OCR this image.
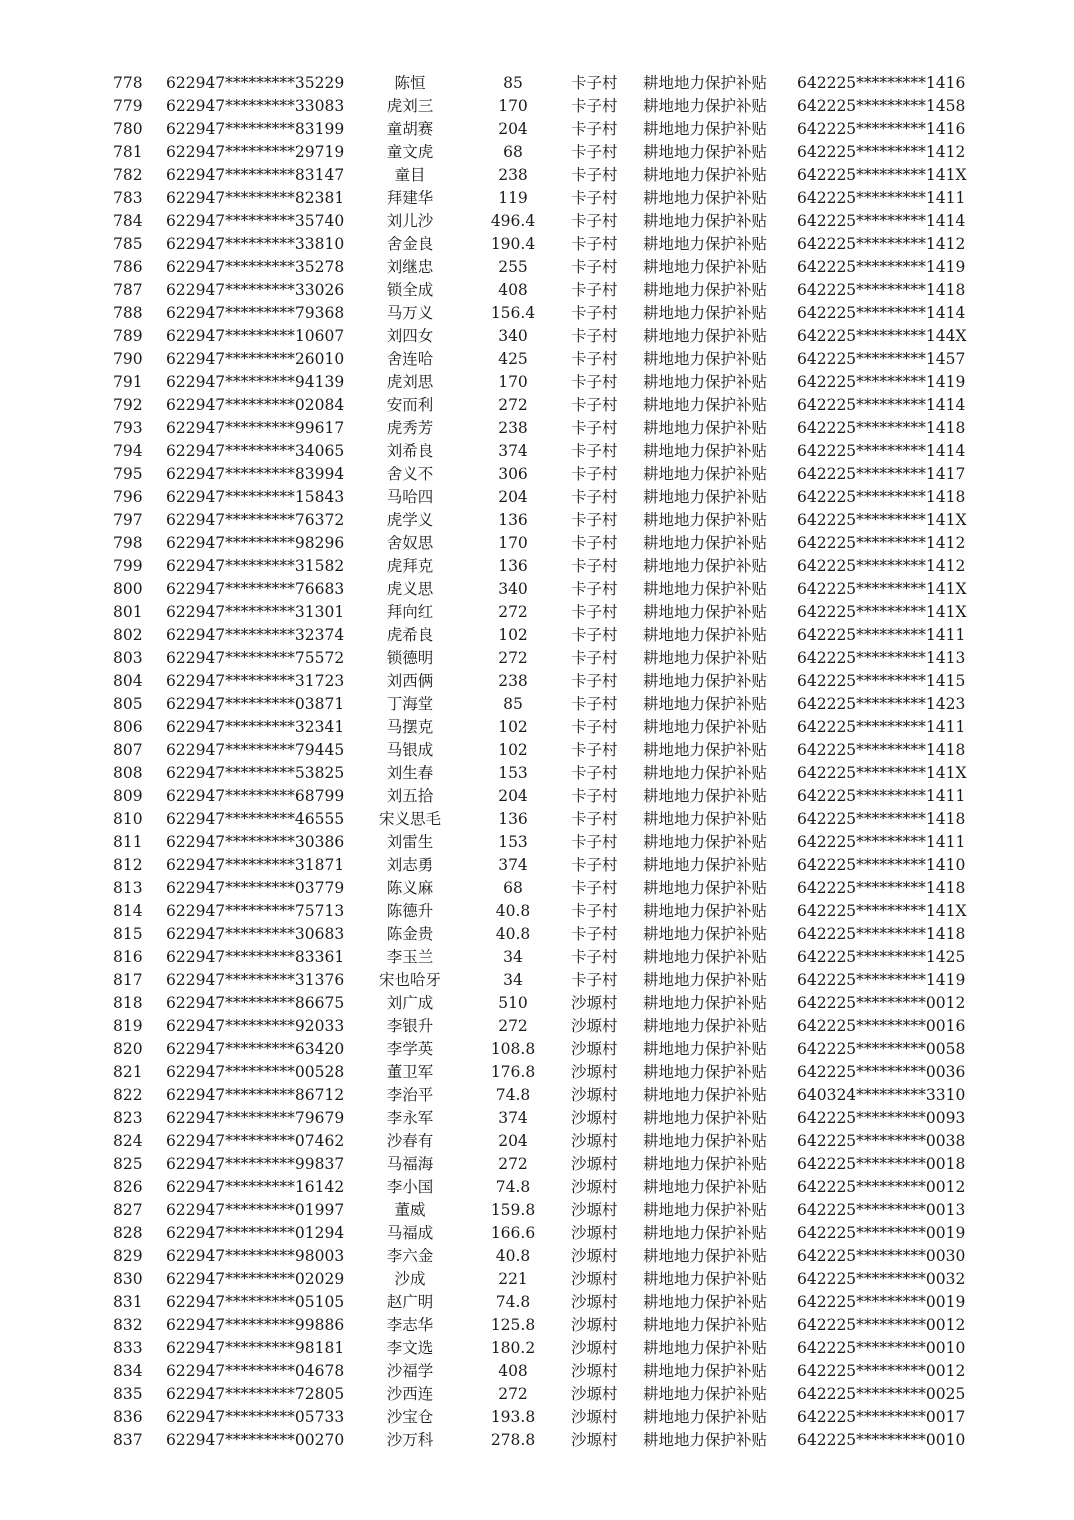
778 622947*********35229	陈恒	85	卡子村 耕地地力保护补贴 642225*********1416
779 622947*********33083	虎刘三	170	卡子村 耕地地力保护补贴 642225*********1458
780 622947*********83199	童胡赛	204	卡子村 耕地地力保护补贴 642225*********1416
781 622947*********29719	童文虎	68	卡子村 耕地地力保护补贴 642225*********1412
782 622947*********83147	童目	238	卡子村 耕地地力保护补贴 642225*********141X
783 622947*********82381	拜建华	119	卡子村 耕地地力保护补贴 642225*********1411
784 622947*********35740	刘儿沙	496.4	卡子村 耕地地力保护补贴 642225*********1414
785 622947*********33810	舍金良	190.4	卡子村 耕地地力保护补贴 642225*********1412
786 622947*********35278	刘继忠	255	卡子村 耕地地力保护补贴 642225*********1419
787 622947*********33026	锁全成	408	卡子村 耕地地力保护补贴 642225*********1418
788 622947*********79368	马万义	156.4	卡子村 耕地地力保护补贴 642225*********1414
789 622947*********10607	刘四女	340	卡子村 耕地地力保护补贴 642225*********144X
790 622947*********26010	舍连哈	425	卡子村 耕地地力保护补贴 642225*********1457
791 622947*********94139	虎刘思	170	卡子村 耕地地力保护补贴 642225*********1419
792 622947*********02084	安而利	272	卡子村 耕地地力保护补贴 642225*********1414
793 622947*********99617	虎秀芳	238	卡子村 耕地地力保护补贴 642225*********1418
794 622947*********34065	刘希良	374	卡子村 耕地地力保护补贴 642225*********1414
795 622947*********83994	舍义不	306	卡子村 耕地地力保护补贴 642225*********1417
796 622947*********15843	马哈四	204	卡子村 耕地地力保护补贴 642225*********1418
797 622947*********76372	虎学义	136	卡子村 耕地地力保护补贴 642225*********141X
798 622947*********98296	舍奴思	170	卡子村 耕地地力保护补贴 642225*********1412
799 622947*********31582	虎拜克	136	卡子村 耕地地力保护补贴 642225*********1412
800 622947*********76683	虎义思	340	卡子村 耕地地力保护补贴 642225*********141X
801 622947*********31301	拜向红	272	卡子村 耕地地力保护补贴 642225*********141X
802 622947*********32374	虎希良	102	卡子村 耕地地力保护补贴 642225*********1411
803 622947*********75572	锁德明	272	卡子村 耕地地力保护补贴 642225*********1413
804 622947*********31723	刘西俩	238	卡子村 耕地地力保护补贴 642225*********1415
805 622947*********03871	丁海堂	85	卡子村 耕地地力保护补贴 642225*********1423
806 622947*********32341	马摆克	102	卡子村 耕地地力保护补贴 642225*********1411
807 622947*********79445	马银成	102	卡子村 耕地地力保护补贴 642225*********1418
808 622947*********53825	刘生春	153	卡子村 耕地地力保护补贴 642225*********141X
809 622947*********68799	刘五拾	204	卡子村 耕地地力保护补贴 642225*********1411
810 622947*********46555	宋义思毛	136	卡子村 耕地地力保护补贴 642225*********1418
811 622947*********30386	刘雷生	153	卡子村 耕地地力保护补贴 642225*********1411
812 622947*********31871	刘志勇	374	卡子村 耕地地力保护补贴 642225*********1410
813 622947*********03779	陈义麻	68	卡子村 耕地地力保护补贴 642225*********1418
814 622947*********75713	陈德升	40.8	卡子村 耕地地力保护补贴 642225*********141X
815 622947*********30683	陈金贵	40.8	卡子村 耕地地力保护补贴 642225*********1418
816 622947*********83361	李玉兰	34	卡子村 耕地地力保护补贴 642225*********1425
817 622947*********31376	宋也哈牙	34	卡子村 耕地地力保护补贴 642225*********1419
818 622947*********86675	刘广成	510	沙塬村 耕地地力保护补贴 642225*********0012
819 622947*********92033	李银升	272	沙塬村 耕地地力保护补贴 642225*********0016
820 622947*********63420	李学英	108.8	沙塬村 耕地地力保护补贴 642225*********0058
821 622947*********00528	董卫军	176.8	沙塬村 耕地地力保护补贴 642225*********0036
822 622947*********86712	李治平	74.8	沙塬村 耕地地力保护补贴 640324*********3310
823 622947*********79679	李永军	374	沙塬村 耕地地力保护补贴 642225*********0093
824 622947*********07462	沙春有	204	沙塬村 耕地地力保护补贴 642225*********0038
825 622947*********99837	马福海	272	沙塬村 耕地地力保护补贴 642225*********0018
826 622947*********16142	李小国	74.8	沙塬村 耕地地力保护补贴 642225*********0012
827 622947*********01997	董威	159.8	沙塬村 耕地地力保护补贴 642225*********0013
828 622947*********01294	马福成	166.6	沙塬村 耕地地力保护补贴 642225*********0019
829 622947*********98003	李六金	40.8	沙塬村 耕地地力保护补贴 642225*********0030
830 622947*********02029	沙成	221	沙塬村 耕地地力保护补贴 642225*********0032
831 622947*********05105	赵广明	74.8	沙塬村 耕地地力保护补贴 642225*********0019
832 622947*********99886	李志华	125.8	沙塬村 耕地地力保护补贴 642225*********0012
833 622947*********98181	李文选	180.2	沙塬村 耕地地力保护补贴 642225*********0010
834 622947*********04678	沙福学	408	沙塬村 耕地地力保护补贴 642225*********0012
835 622947*********72805	沙西连	272	沙塬村 耕地地力保护补贴 642225*********0025
836 622947*********05733	沙宝仓	193.8	沙塬村 耕地地力保护补贴 642225*********0017
837 622947*********00270	沙万科	278.8	沙塬村 耕地地力保护补贴 642225*********0010
